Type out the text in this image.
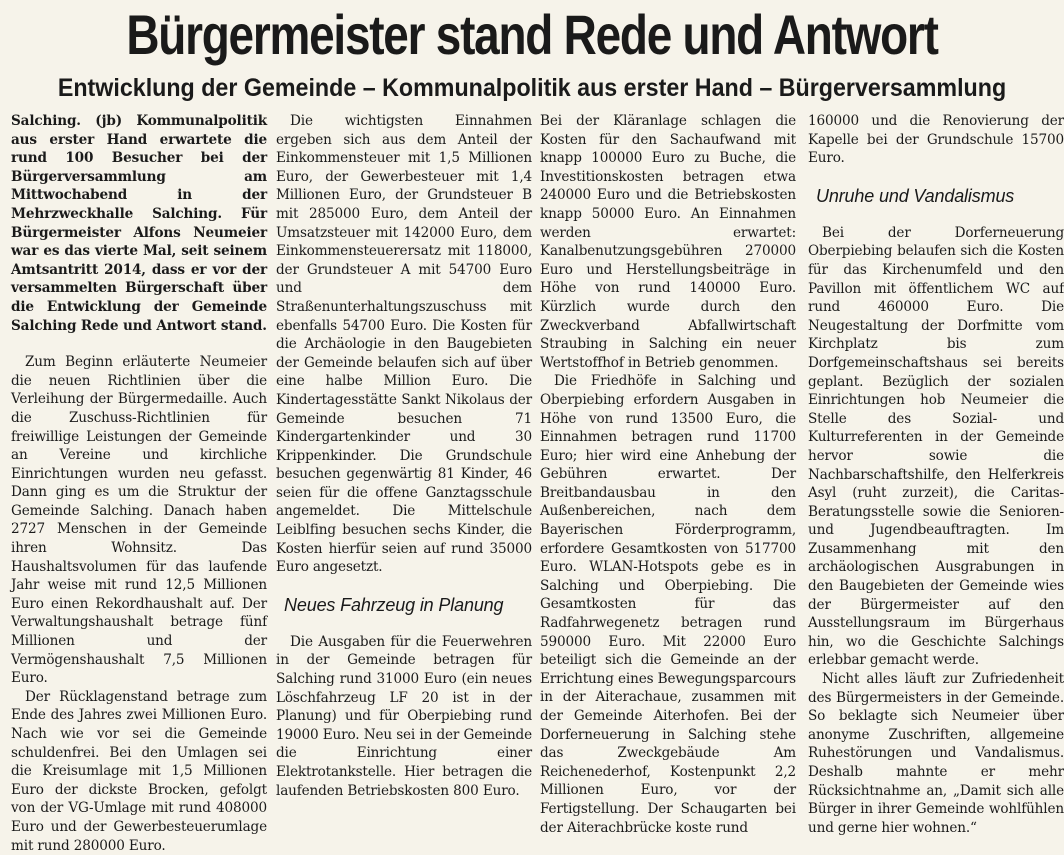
Bürgermeister stand Rede und Antwort
Entwicklung der Gemeinde – Kommunalpolitik aus erster Hand – Bürgerversammlung

Salching. (jb) Kommunalpolitik aus erster Hand erwartete die rund 100 Besucher bei der Bürgerversammlung am Mittwochabend in der Mehrzweckhalle Salching. Für Bürgermeister Alfons Neumeier war es das vierte Mal, seit seinem Amtsantritt 2014, dass er vor der versammelten Bürgerschaft über die Entwicklung der Gemeinde Salching Rede und Antwort stand.

Zum Beginn erläuterte Neumeier die neuen Richtlinien über die Verleihung der Bürgermedaille. Auch die Zuschuss-Richtlinien für freiwillige Leistungen der Gemeinde an Vereine und kirchliche Einrichtungen wurden neu gefasst. Dann ging es um die Struktur der Gemeinde Salching. Danach haben 2727 Menschen in der Gemeinde ihren Wohnsitz. Das Haushaltsvolumen für das laufende Jahr weise mit rund 12,5 Millionen Euro einen Rekordhaushalt auf. Der Verwaltungshaushalt betrage fünf Millionen und der Vermögenshaushalt 7,5 Millionen Euro.

Der Rücklagenstand betrage zum Ende des Jahres zwei Millionen Euro. Nach wie vor sei die Gemeinde schuldenfrei. Bei den Umlagen sei die Kreisumlage mit 1,5 Millionen Euro der dickste Brocken, gefolgt von der VG-Umlage mit rund 408000 Euro und der Gewerbesteuerumlage mit rund 280000 Euro.

Die wichtigsten Einnahmen ergeben sich aus dem Anteil der Einkommensteuer mit 1,5 Millionen Euro, der Gewerbesteuer mit 1,4 Millionen Euro, der Grundsteuer B mit 285000 Euro, dem Anteil der Umsatzsteuer mit 142000 Euro, dem Einkommensteuerersatz mit 118000, der Grundsteuer A mit 54700 Euro und dem Straßenunterhaltungszuschuss mit ebenfalls 54700 Euro. Die Kosten für die Archäologie in den Baugebieten der Gemeinde belaufen sich auf über eine halbe Million Euro. Die Kindertagesstätte Sankt Nikolaus der Gemeinde besuchen 71 Kindergartenkinder und 30 Krippenkinder. Die Grundschule besuchen gegenwärtig 81 Kinder, 46 seien für die offene Ganztagsschule angemeldet. Die Mittelschule Leiblfing besuchen sechs Kinder, die Kosten hierfür seien auf rund 35000 Euro angesetzt.

Neues Fahrzeug in Planung

Die Ausgaben für die Feuerwehren in der Gemeinde betragen für Salching rund 31000 Euro (ein neues Löschfahrzeug LF 20 ist in der Planung) und für Oberpiebing rund 19000 Euro. Neu sei in der Gemeinde die Einrichtung einer Elektrotankstelle. Hier betragen die laufenden Betriebskosten 800 Euro.

Bei der Kläranlage schlagen die Kosten für den Sachaufwand mit knapp 100000 Euro zu Buche, die Investitionskosten betragen etwa 240000 Euro und die Betriebskosten knapp 50000 Euro. An Einnahmen werden erwartet: Kanalbenutzungsgebühren 270000 Euro und Herstellungsbeiträge in Höhe von rund 140000 Euro. Kürzlich wurde durch den Zweckverband Abfallwirtschaft Straubing in Salching ein neuer Wertstoffhof in Betrieb genommen.

Die Friedhöfe in Salching und Oberpiebing erfordern Ausgaben in Höhe von rund 13500 Euro, die Einnahmen betragen rund 11700 Euro; hier wird eine Anhebung der Gebühren erwartet. Der Breitbandausbau in den Außenbereichen, nach dem Bayerischen Förderprogramm, erfordere Gesamtkosten von 517700 Euro. WLAN-Hotspots gebe es in Salching und Oberpiebing. Die Gesamtkosten für das Radfahrwegenetz betragen rund 590000 Euro. Mit 22000 Euro beteiligt sich die Gemeinde an der Errichtung eines Bewegungsparcours in der Aiterachaue, zusammen mit der Gemeinde Aiterhofen. Bei der Dorferneuerung in Salching stehe das Zweckgebäude Am Reichenederhof, Kostenpunkt 2,2 Millionen Euro, vor der Fertigstellung. Der Schaugarten bei der Aiterachbrücke koste rund

160000 und die Renovierung der Kapelle bei der Grundschule 15700 Euro.

Unruhe und Vandalismus

Bei der Dorferneuerung Oberpiebing belaufen sich die Kosten für das Kirchenumfeld und den Pavillon mit öffentlichem WC auf rund 460000 Euro. Die Neugestaltung der Dorfmitte vom Kirchplatz bis zum Dorfgemeinschaftshaus sei bereits geplant. Bezüglich der sozialen Einrichtungen hob Neumeier die Stelle des Sozial- und Kulturreferenten in der Gemeinde hervor sowie die Nachbarschaftshilfe, den Helferkreis Asyl (ruht zurzeit), die Caritas-Beratungsstelle sowie die Senioren- und Jugendbeauftragten. Im Zusammenhang mit den archäologischen Ausgrabungen in den Baugebieten der Gemeinde wies der Bürgermeister auf den Ausstellungsraum im Bürgerhaus hin, wo die Geschichte Salchings erlebbar gemacht werde.

Nicht alles läuft zur Zufriedenheit des Bürgermeisters in der Gemeinde. So beklagte sich Neumeier über anonyme Zuschriften, allgemeine Ruhestörungen und Vandalismus. Deshalb mahnte er mehr Rücksichtnahme an, „Damit sich alle Bürger in ihrer Gemeinde wohlfühlen und gerne hier wohnen.“
